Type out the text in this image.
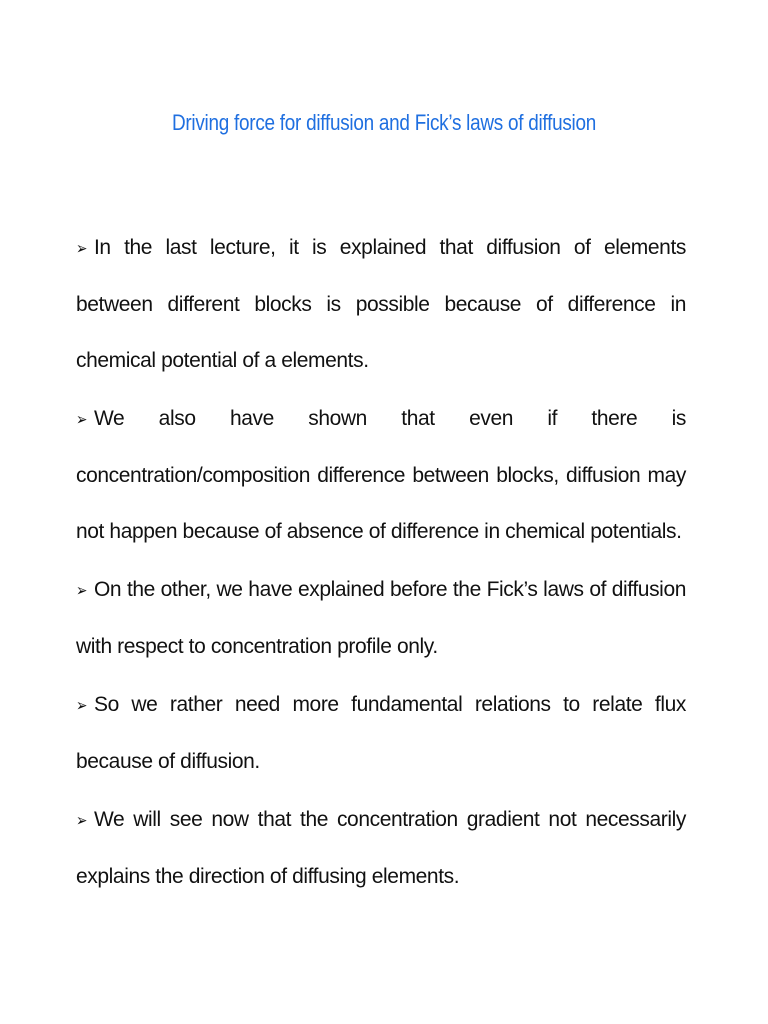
Driving force for diffusion and Fick’s laws of diffusion

➢ In the last lecture, it is explained that diffusion of elements between different blocks is possible because of difference in chemical potential of a elements.

➢ We also have shown that even if there is concentration/composition difference between blocks, diffusion may not happen because of absence of difference in chemical potentials.

➢ On the other, we have explained before the Fick’s laws of diffusion with respect to concentration profile only.

➢ So we rather need more fundamental relations to relate flux because of diffusion.

➢ We will see now that the concentration gradient not necessarily explains the direction of diffusing elements.
